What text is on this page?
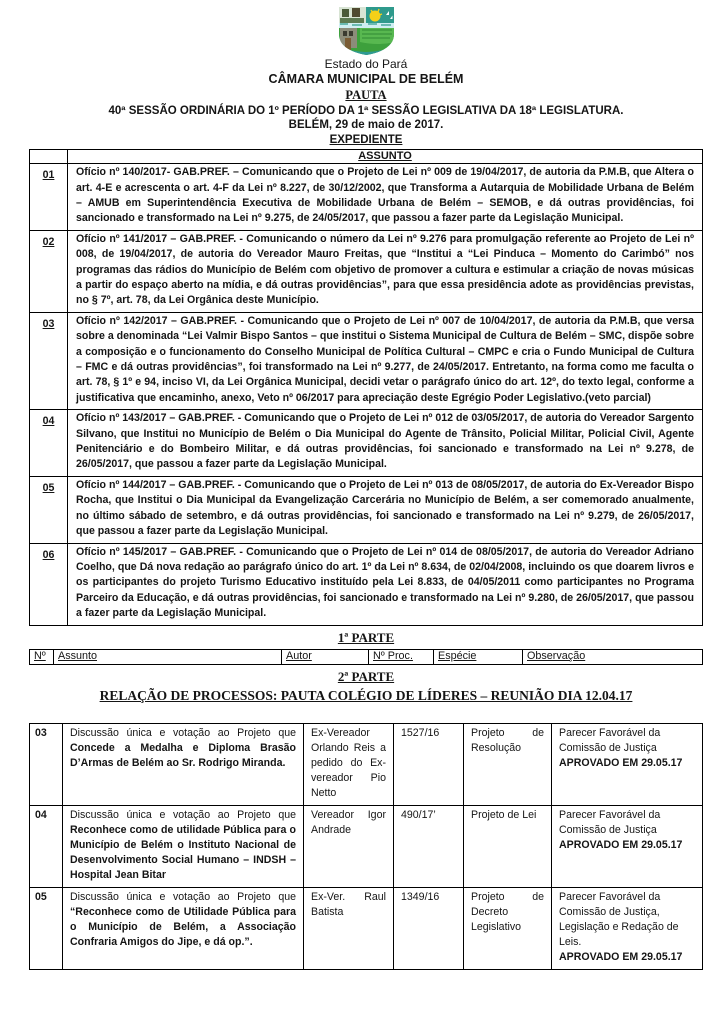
Estado do Pará
CÂMARA MUNICIPAL DE BELÉM
PAUTA
40ª SESSÃO ORDINÁRIA DO 1º PERÍODO DA 1ª SESSÃO LEGISLATIVA DA 18ª LEGISLATURA.
BELÉM, 29 de maio de 2017.
EXPEDIENTE
	ASSUNTO
01	Ofício nº 140/2017- GAB.PREF. – Comunicando que o Projeto de Lei nº 009 de 19/04/2017, de autoria da P.M.B, que Altera o art. 4-E e acrescenta o art. 4-F da Lei nº 8.227, de 30/12/2002, que Transforma a Autarquia de Mobilidade Urbana de Belém – AMUB em Superintendência Executiva de Mobilidade Urbana de Belém – SEMOB, e dá outras providências, foi sancionado e transformado na Lei nº 9.275, de 24/05/2017, que passou a fazer parte da Legislação Municipal.
02	Ofício nº 141/2017 – GAB.PREF. - Comunicando o número da Lei nº 9.276 para promulgação referente ao Projeto de Lei nº 008, de 19/04/2017, de autoria do Vereador Mauro Freitas, que “Institui a “Lei Pinduca – Momento do Carimbó” nos programas das rádios do Município de Belém com objetivo de promover a cultura e estimular a criação de novas músicas a partir do espaço aberto na mídia, e dá outras providências”, para que essa presidência adote as providências previstas, no § 7º, art. 78, da Lei Orgânica deste Município.
03	Ofício nº 142/2017 – GAB.PREF. - Comunicando que o Projeto de Lei nº 007 de 10/04/2017, de autoria da P.M.B, que versa sobre a denominada “Lei Valmir Bispo Santos – que institui o Sistema Municipal de Cultura de Belém – SMC, dispõe sobre a composição e o funcionamento do Conselho Municipal de Política Cultural – CMPC e cria o Fundo Municipal de Cultura – FMC e dá outras providências”, foi transformado na Lei nº 9.277, de 24/05/2017. Entretanto, na forma como me faculta o art. 78, § 1º e 94, inciso VI, da Lei Orgânica Municipal, decidi vetar o parágrafo único do art. 12º, do texto legal, conforme a justificativa que encaminho, anexo, Veto nº 06/2017 para apreciação deste Egrégio Poder Legislativo.(veto parcial)
04	Ofício nº 143/2017 – GAB.PREF. - Comunicando que o Projeto de Lei nº 012 de 03/05/2017, de autoria do Vereador Sargento Silvano, que Institui no Município de Belém o Dia Municipal do Agente de Trânsito, Policial Militar, Policial Civil, Agente Penitenciário e do Bombeiro Militar, e dá outras providências, foi sancionado e transformado na Lei nº 9.278, de 26/05/2017, que passou a fazer parte da Legislação Municipal.
05	Ofício nº 144/2017 – GAB.PREF. - Comunicando que o Projeto de Lei nº 013 de 08/05/2017, de autoria do Ex-Vereador Bispo Rocha, que Institui o Dia Municipal da Evangelização Carcerária no Município de Belém, a ser comemorado anualmente, no último sábado de setembro, e dá outras providências, foi sancionado e transformado na Lei nº 9.279, de 26/05/2017, que passou a fazer parte da Legislação Municipal.
06	Ofício nº 145/2017 – GAB.PREF. - Comunicando que o Projeto de Lei nº 014 de 08/05/2017, de autoria do Vereador Adriano Coelho, que Dá nova redação ao parágrafo único do art. 1º da Lei nº 8.634, de 02/04/2008, incluindo os que doarem livros e os participantes do projeto Turismo Educativo instituído pela Lei 8.833, de 04/05/2011 como participantes no Programa Parceiro da Educação, e dá outras providências, foi sancionado e transformado na Lei nº 9.280, de 26/05/2017, que passou a fazer parte da Legislação Municipal.
1ª PARTE
Nº	Assunto	Autor	Nº Proc.	Espécie	Observação
2ª PARTE
RELAÇÃO DE PROCESSOS: PAUTA COLÉGIO DE LÍDERES – REUNIÃO DIA 12.04.17
03	Discussão única e votação ao Projeto que Concede a Medalha e Diploma Brasão D’Armas de Belém ao Sr. Rodrigo Miranda.	Ex-Vereador Orlando Reis a pedido do Ex-vereador Pio Netto	1527/16	Projeto de Resolução	Parecer Favorável da Comissão de Justiça
APROVADO EM 29.05.17

04	Discussão única e votação ao Projeto que Reconhece como de utilidade Pública para o Município de Belém o Instituto Nacional de Desenvolvimento Social Humano – INDSH – Hospital Jean Bitar	Vereador Igor Andrade	490/17’	Projeto de Lei	Parecer Favorável da Comissão de Justiça
APROVADO EM 29.05.17

05	Discussão única e votação ao Projeto que “Reconhece como de Utilidade Pública para o Município de Belém, a Associação Confraria Amigos do Jipe, e dá op.”.	Ex-Ver. Raul Batista	1349/16	Projeto de Decreto Legislativo	Parecer Favorável da Comissão de Justiça, Legislação e Redação de Leis.
APROVADO EM 29.05.17
